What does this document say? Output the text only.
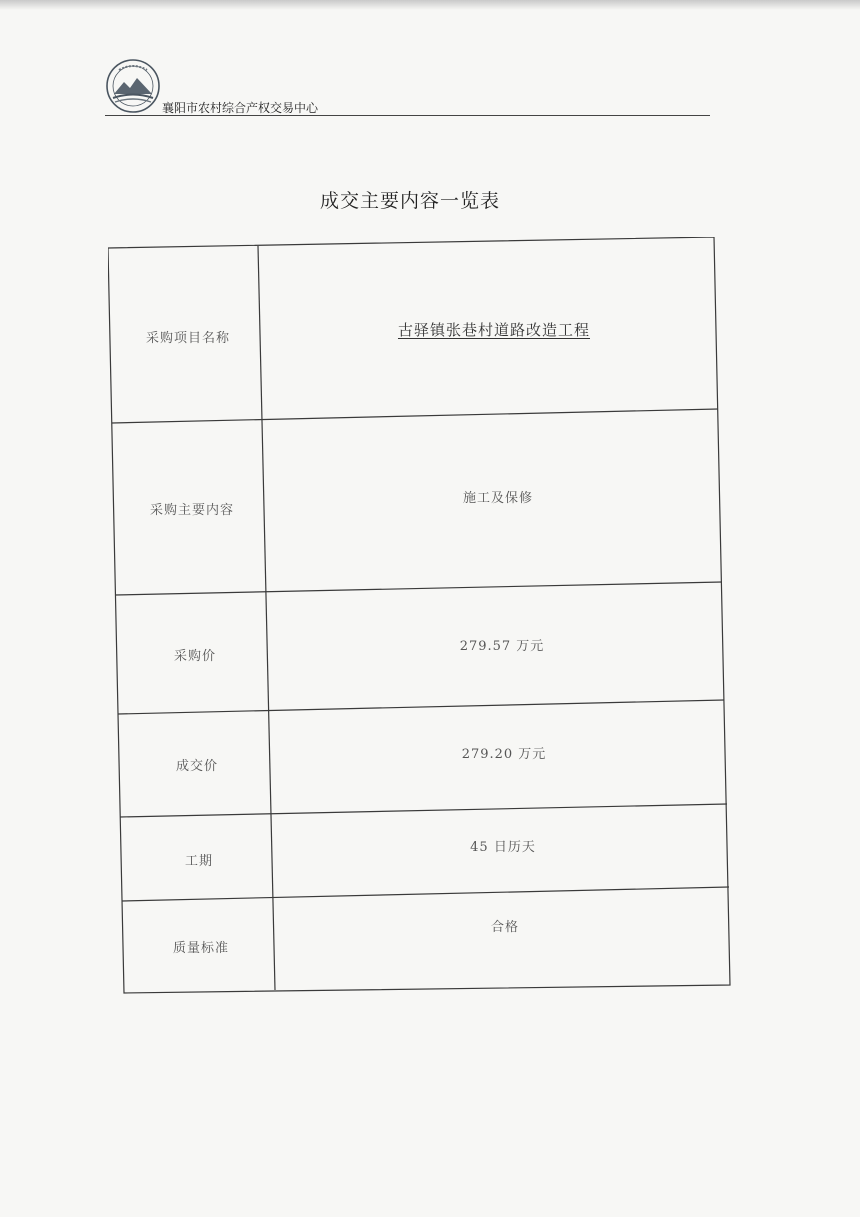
襄阳市农村综合产权交易中心
成交主要内容一览表
采购项目名称	古驿镇张巷村道路改造工程
采购主要内容
施工及保修
采购价
279.57 万元
成交价
279.20 万元
工期
45 日历天
质量标准
合格
